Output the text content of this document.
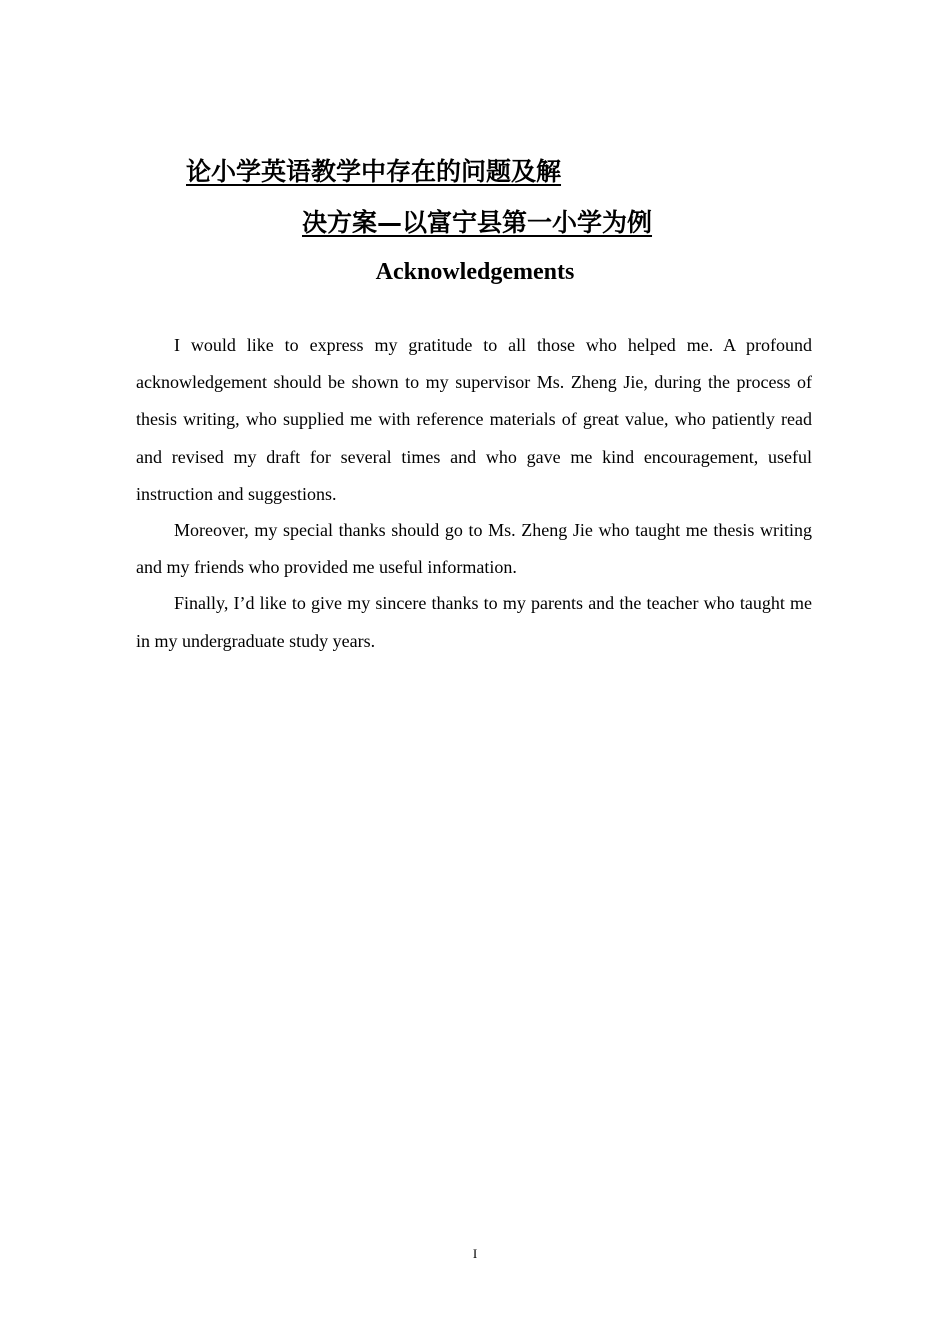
论小学英语教学中存在的问题及解
决方案—以富宁县第一小学为例
Acknowledgements

I would like to express my gratitude to all those who helped me. A profound acknowledgement should be shown to my supervisor Ms. Zheng Jie, during the process of thesis writing, who supplied me with reference materials of great value, who patiently read and revised my draft for several times and who gave me kind encouragement, useful instruction and suggestions.

Moreover, my special thanks should go to Ms. Zheng Jie who taught me thesis writing and my friends who provided me useful information.

Finally, I’d like to give my sincere thanks to my parents and the teacher who taught me in my undergraduate study years.

I
